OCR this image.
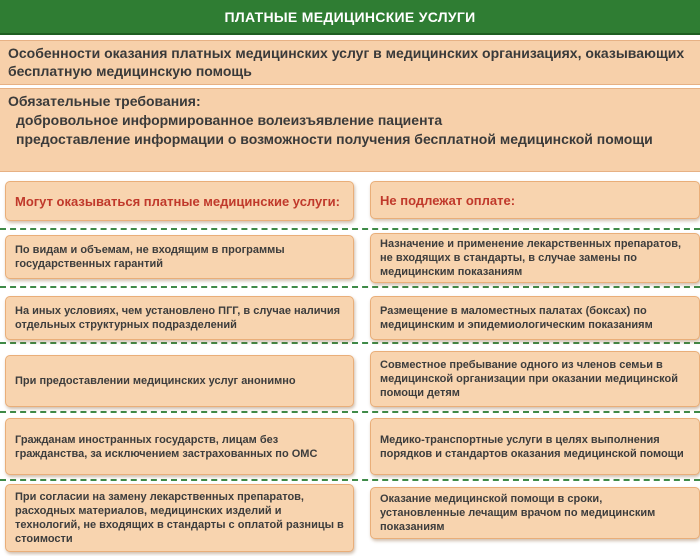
ПЛАТНЫЕ МЕДИЦИНСКИЕ УСЛУГИ
Особенности оказания платных медицинских услуг в медицинских организациях, оказывающих бесплатную медицинскую помощь
Обязательные требования:
добровольное информированное волеизъявление пациента
предоставление информации о возможности получения бесплатной медицинской помощи
Могут оказываться платные медицинские услуги:	Не подлежат оплате:
По видам и объемам, не входящим в программы государственных гарантий
На иных условиях, чем установлено ПГГ, в случае наличия отдельных структурных подразделений
При предоставлении медицинских услуг анонимно
Гражданам иностранных государств, лицам без гражданства, за исключением застрахованных по ОМС
При согласии на замену лекарственных препаратов, расходных материалов, медицинских изделий и технологий, не входящих в стандарты с оплатой разницы в стоимости
Назначение и применение лекарственных препаратов, не входящих в стандарты, в случае замены по медицинским показаниям
Размещение в маломестных палатах (боксах) по медицинским и эпидемиологическим показаниям
Совместное пребывание одного из членов семьи в медицинской организации при оказании медицинской помощи детям
Медико-транспортные услуги в целях выполнения порядков и стандартов оказания медицинской помощи
Оказание медицинской помощи в сроки, установленные лечащим врачом по медицинским показаниям
